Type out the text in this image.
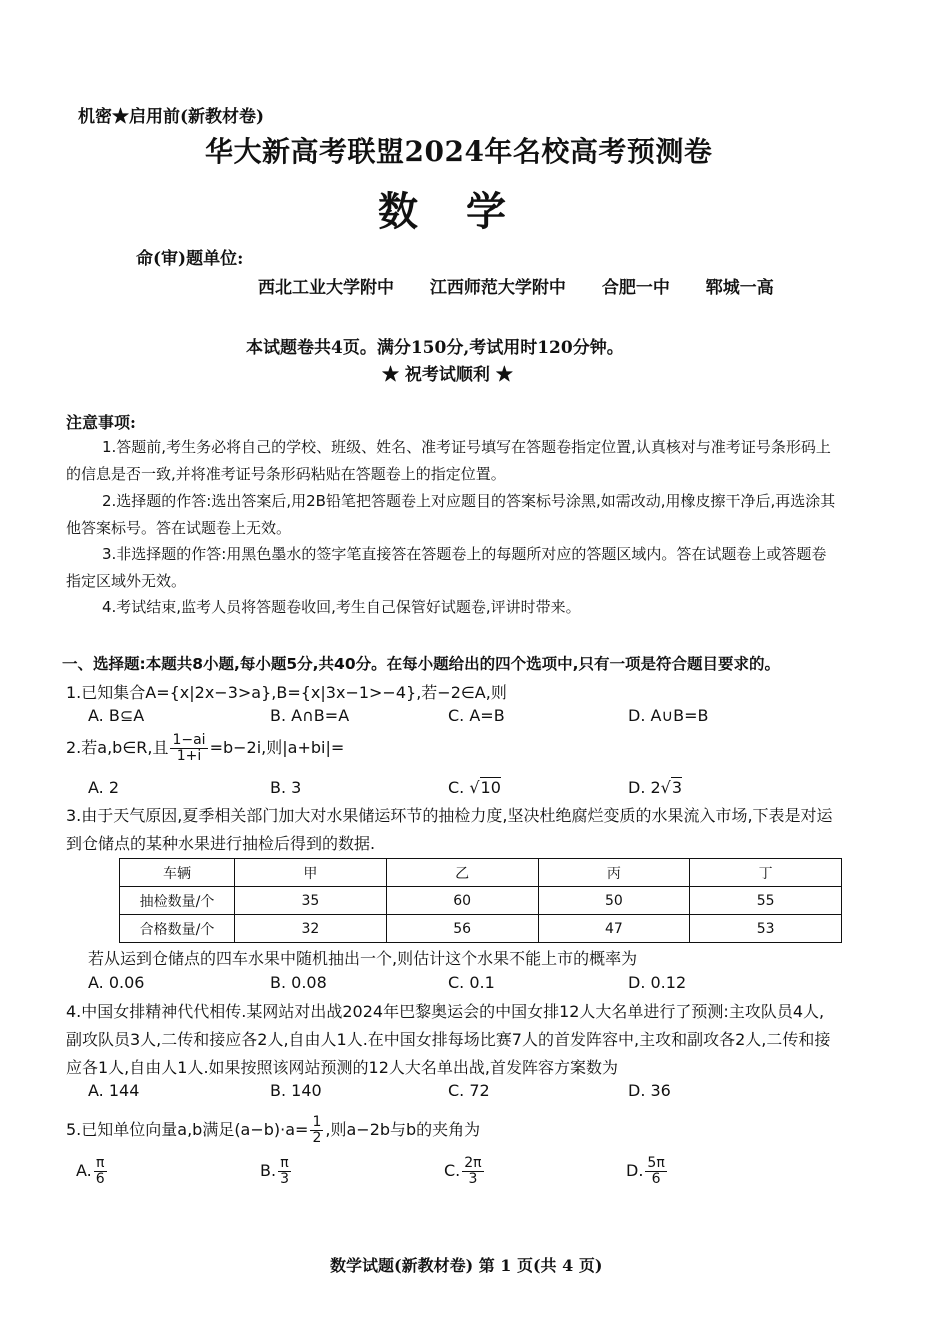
机密★启用前(新教材卷)
华大新高考联盟2024年名校高考预测卷
数学
命(审)题单位:
西北工业大学附中 江西师范大学附中 合肥一中 郓城一高
本试题卷共4页。满分150分,考试用时120分钟。
★ 祝考试顺利 ★
注意事项:
1.答题前,考生务必将自己的学校、班级、姓名、准考证号填写在答题卷指定位置,认真核对与准考证号条形码上的信息是否一致,并将准考证号条形码粘贴在答题卷上的指定位置。
2.选择题的作答:选出答案后,用2B铅笔把答题卷上对应题目的答案标号涂黑,如需改动,用橡皮擦干净后,再选涂其他答案标号。答在试题卷上无效。
3.非选择题的作答:用黑色墨水的签字笔直接答在答题卷上的每题所对应的答题区域内。答在试题卷上或答题卷指定区域外无效。
4.考试结束,监考人员将答题卷收回,考生自己保管好试题卷,评讲时带来。
一、选择题:本题共8小题,每小题5分,共40分。在每小题给出的四个选项中,只有一项是符合题目要求的。
1.已知集合A={x|2x−3>a},B={x|3x−1>−4},若−2∈A,则
A. B⊆A	B. A∩B=A	C. A=B	D. A∪B=B
2.若a,b∈R,且 $\frac{1-ai}{1+i} =b-2i$,则|a+bi|=
A. 2	B. 3	C. √10	D. 2√3
3.由于天气原因,夏季相关部门加大对水果储运环节的抽检力度,坚决杜绝腐烂变质的水果流入市场,下表是对运到仓储点的某种水果进行抽检后得到的数据.
车辆	甲	乙	丙	丁
抽检数量/个	35	60	50	55
合格数量/个	32	56	47	53
若从运到仓储点的四车水果中随机抽出一个,则估计这个水果不能上市的概率为
A. 0.06	B. 0.08	C. 0.1	D. 0.12
4.中国女排精神代代相传.某网站对出战2024年巴黎奥运会的中国女排12人大名单进行了预测:主攻队员4人,副攻队员3人,二传和接应各2人,自由人1人.在中国女排每场比赛7人的首发阵容中,主攻和副攻各2人,二传和接应各1人,自由人1人.如果按照该网站预测的12人大名单出战,首发阵容方案数为
A. 144	B. 140	C. 72	D. 36
5.已知单位向量a,b满足$(a-b)\cdot a= \frac{1}{2}$ ,则a−2b与b的夹角为
A. $\frac{\pi}{6}$	B. $\frac{\pi}{3}$	C. $\frac{2\pi}{3}$	D. $\frac{5\pi}{6}$
数学试题(新教材卷) 第 1 页(共 4 页)
